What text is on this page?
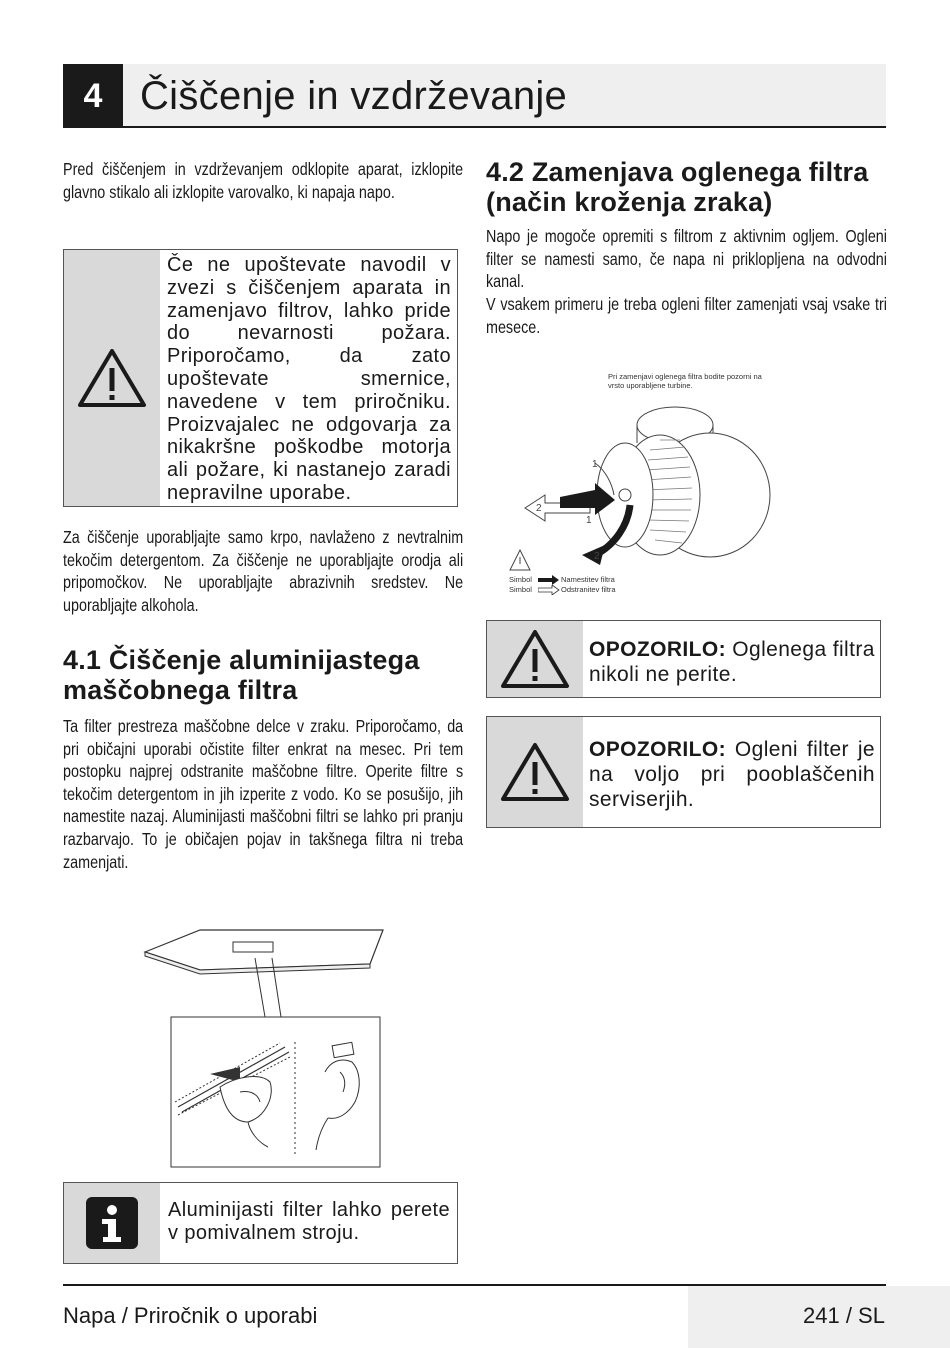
4 Čiščenje in vzdrževanje
Pred čiščenjem in vzdrževanjem odklopite aparat, izklopite glavno stikalo ali izklopite varovalko, ki napaja napo.
Če ne upoštevate navodil v zvezi s čiščenjem aparata in zamenjavo filtrov, lahko pride do nevarnosti požara. Priporočamo, da zato upoštevate smernice, navedene v tem priročniku. Proizvajalec ne odgovarja za nikakršne poškodbe motorja ali požare, ki nastanejo zaradi nepravilne uporabe.
Za čiščenje uporabljajte samo krpo, navlaženo z nevtralnim tekočim detergentom. Za čiščenje ne uporabljajte orodja ali pripomočkov. Ne uporabljajte abrazivnih sredstev. Ne uporabljajte alkohola.
4.1 Čiščenje aluminijastega
maščobnega filtra
Ta filter prestreza maščobne delce v zraku. Priporočamo, da pri običajni uporabi očistite filter enkrat na mesec. Pri tem postopku najprej odstranite maščobne filtre. Operite filtre s tekočim detergentom in jih izperite z vodo. Ko se posušijo, jih namestite nazaj. Aluminijasti maščobni filtri se lahko pri pranju razbarvajo. To je običajen pojav in takšnega filtra ni treba zamenjati.
Aluminijasti filter lahko perete v pomivalnem stroju.
4.2 Zamenjava oglenega filtra
(način kroženja zraka)
Napo je mogoče opremiti s filtrom z aktivnim ogljem. Ogleni filter se namesti samo, če napa ni priklopljena na odvodni kanal.
V vsakem primeru je treba ogleni filter zamenjati vsaj vsake tri mesece.
Pri zamenjavi oglenega filtra bodite pozorni na
vrsto uporabljene turbine.
1
1
2
2
Simbol	Namestitev filtra
Simbol	Odstranitev filtra
OPOZORILO: Oglenega filtra nikoli ne perite.
OPOZORILO: Ogleni filter je na voljo pri pooblaščenih serviserjih.
Napa / Priročnik o uporabi	241 / SL
